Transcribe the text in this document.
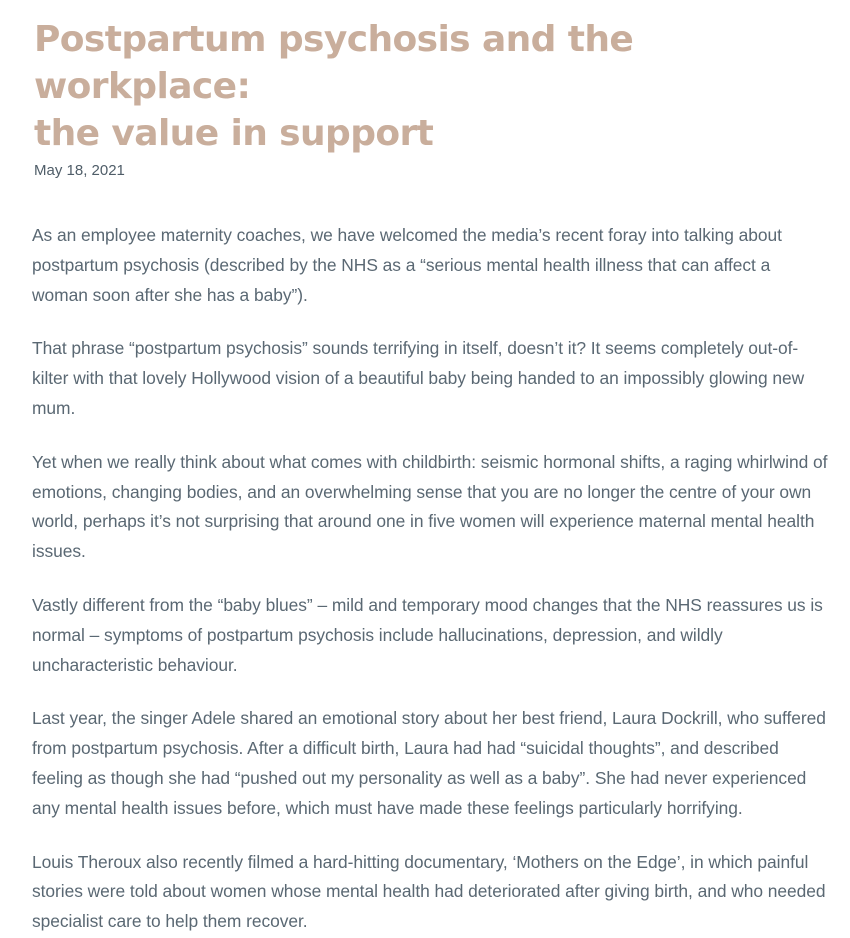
Postpartum psychosis and the workplace:
the value in support
May 18, 2021

As an employee maternity coaches, we have welcomed the media’s recent foray into talking about postpartum psychosis (described by the NHS as a “serious mental health illness that can affect a woman soon after she has a baby”).

That phrase “postpartum psychosis” sounds terrifying in itself, doesn’t it? It seems completely out-of-kilter with that lovely Hollywood vision of a beautiful baby being handed to an impossibly glowing new mum.

Yet when we really think about what comes with childbirth: seismic hormonal shifts, a raging whirlwind of emotions, changing bodies, and an overwhelming sense that you are no longer the centre of your own world, perhaps it’s not surprising that around one in five women will experience maternal mental health issues.

Vastly different from the “baby blues” – mild and temporary mood changes that the NHS reassures us is normal – symptoms of postpartum psychosis include hallucinations, depression, and wildly uncharacteristic behaviour.

Last year, the singer Adele shared an emotional story about her best friend, Laura Dockrill, who suffered from postpartum psychosis. After a difficult birth, Laura had had “suicidal thoughts”, and described feeling as though she had “pushed out my personality as well as a baby”. She had never experienced any mental health issues before, which must have made these feelings particularly horrifying.

Louis Theroux also recently filmed a hard-hitting documentary, ‘Mothers on the Edge’, in which painful stories were told about women whose mental health had deteriorated after giving birth, and who needed specialist care to help them recover.
